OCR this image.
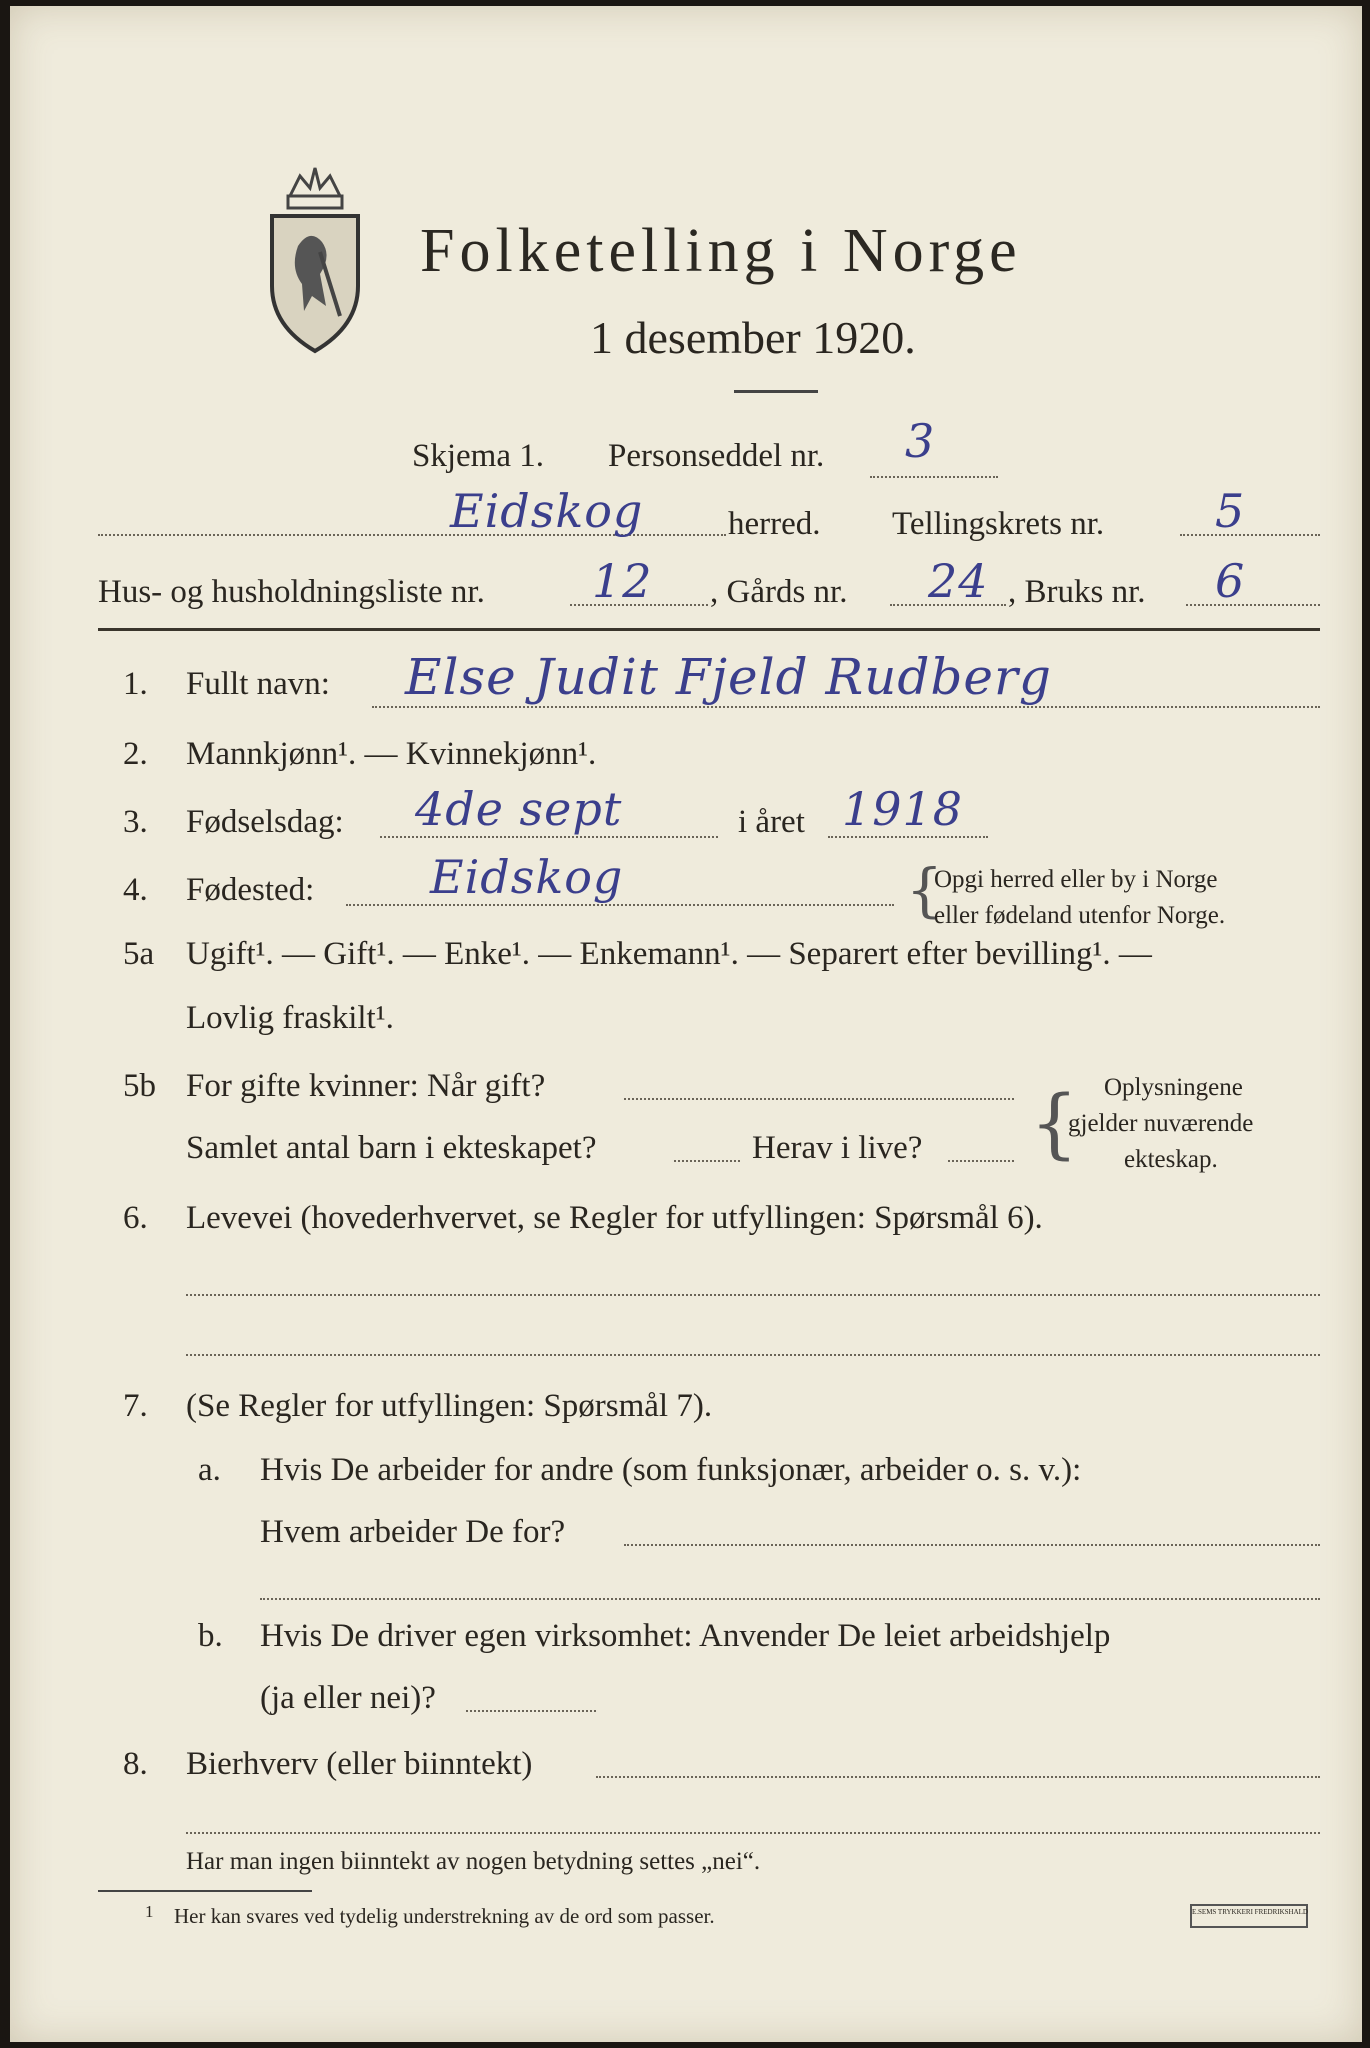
Folketelling i Norge
1 desember 1920.
Skjema 1. Personseddel nr. 3
Eidskog	herred. Tellingskrets nr. 5
Hus- og husholdningsliste nr. 12 , Gårds nr. 24 , Bruks nr. 6
1. Fullt navn: Else Judit Fjeld Rudberg
2. Mannkjønn¹. — Kvinnekjønn¹.
3. Fødselsdag: 4de sept	i året 1918
4. Fødested:	Eidskog	{
Opgi herred eller by i Norge
eller fødeland utenfor Norge.
5a Ugift¹. — Gift¹. — Enke¹. — Enkemann¹. — Separert efter bevilling¹. —
Lovlig fraskilt¹.
5b For gifte kvinner: Når gift?
Samlet antal barn i ekteskapet?	Herav i live? { Oplysningene
gjelder nuværende
ekteskap.
6. Levevei (hovederhvervet, se Regler for utfyllingen: Spørsmål 6).
7. (Se Regler for utfyllingen: Spørsmål 7).
a. Hvis De arbeider for andre (som funksjonær, arbeider o. s. v.):
Hvem arbeider De for?
b. Hvis De driver egen virksomhet: Anvender De leiet arbeidshjelp
(ja eller nei)?
8. Bierhverv (eller biinntekt)
Har man ingen biinntekt av nogen betydning settes „nei“.
1 Her kan svares ved tydelig understrekning av de ord som passer.	E.SEMS TRYKKERI FREDRIKSHALD
